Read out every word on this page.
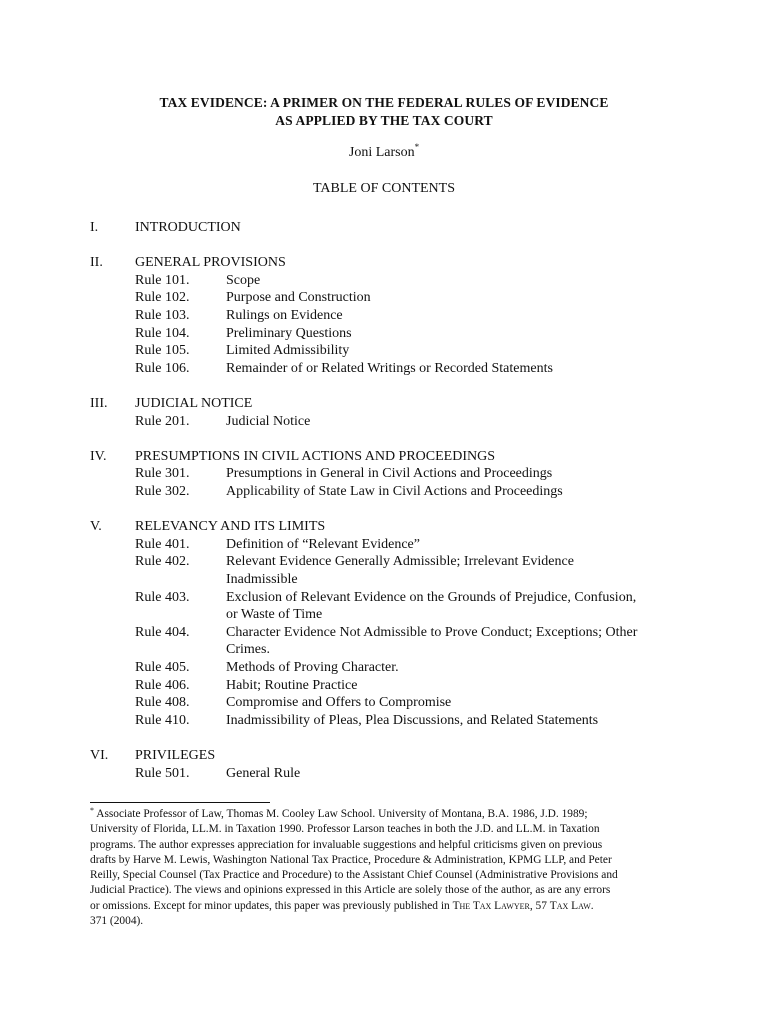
TAX EVIDENCE: A PRIMER ON THE FEDERAL RULES OF EVIDENCE
AS APPLIED BY THE TAX COURT
Joni Larson*
TABLE OF CONTENTS
I.	INTRODUCTION
II. GENERAL PROVISIONS
Rule 101.	Scope
Rule 102.	Purpose and Construction
Rule 103.	Rulings on Evidence
Rule 104.	Preliminary Questions
Rule 105.	Limited Admissibility
Rule 106.	Remainder of or Related Writings or Recorded Statements
III. JUDICIAL NOTICE
Rule 201.	Judicial Notice
IV. PRESUMPTIONS IN CIVIL ACTIONS AND PROCEEDINGS
Rule 301.	Presumptions in General in Civil Actions and Proceedings
Rule 302.	Applicability of State Law in Civil Actions and Proceedings
V. RELEVANCY AND ITS LIMITS
Rule 401.	Definition of “Relevant Evidence”
Rule 402.	Relevant Evidence Generally Admissible; Irrelevant Evidence
Inadmissible
Rule 403.	Exclusion of Relevant Evidence on the Grounds of Prejudice, Confusion,
or Waste of Time
Rule 404.	Character Evidence Not Admissible to Prove Conduct; Exceptions; Other
Crimes.
Rule 405.	Methods of Proving Character.
Rule 406.	Habit; Routine Practice
Rule 408.	Compromise and Offers to Compromise
Rule 410.	Inadmissibility of Pleas, Plea Discussions, and Related Statements
VI. PRIVILEGES
Rule 501.	General Rule
* Associate Professor of Law, Thomas M. Cooley Law School. University of Montana, B.A. 1986, J.D. 1989;
University of Florida, LL.M. in Taxation 1990. Professor Larson teaches in both the J.D. and LL.M. in Taxation
programs. The author expresses appreciation for invaluable suggestions and helpful criticisms given on previous
drafts by Harve M. Lewis, Washington National Tax Practice, Procedure & Administration, KPMG LLP, and Peter
Reilly, Special Counsel (Tax Practice and Procedure) to the Assistant Chief Counsel (Administrative Provisions and
Judicial Practice). The views and opinions expressed in this Article are solely those of the author, as are any errors
or omissions. Except for minor updates, this paper was previously published in The Tax Lawyer, 57 Tax Law.
371 (2004).
